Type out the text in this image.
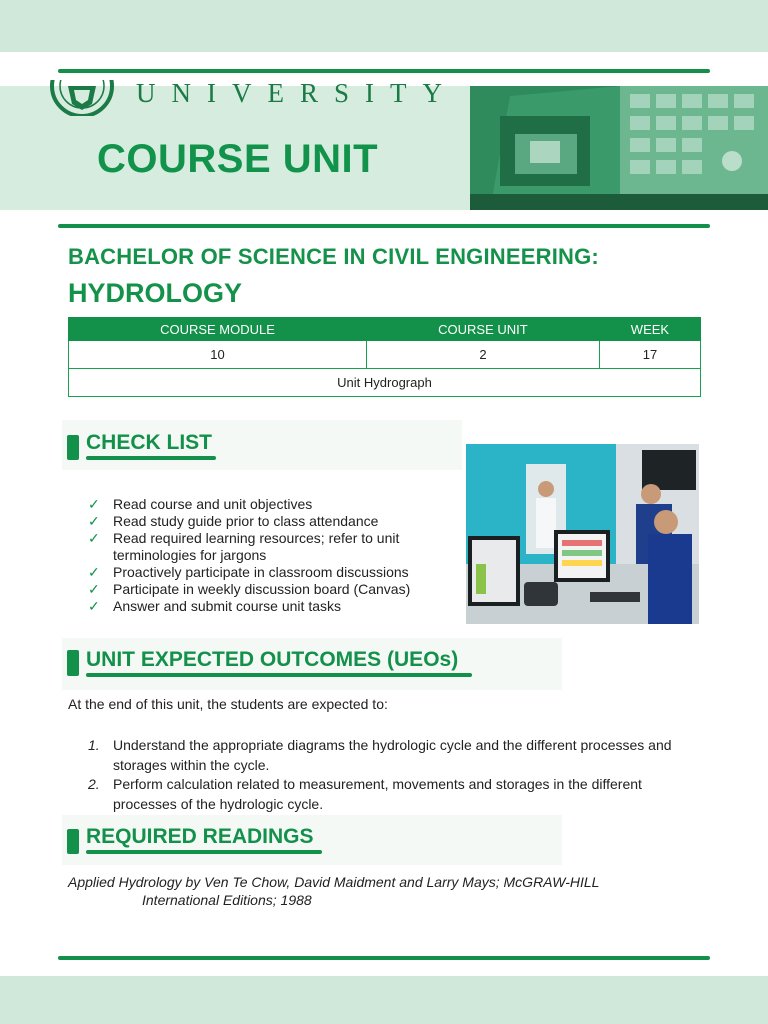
UNIVERSITY
COURSE UNIT
BACHELOR OF SCIENCE IN CIVIL ENGINEERING:
HYDROLOGY
COURSE MODULE	COURSE UNIT	WEEK
10	2	17
Unit Hydrograph		
CHECK LIST
✓ Read course and unit objectives
✓ Read study guide prior to class attendance
✓ Read required learning resources; refer to unit terminologies for jargons
✓ Proactively participate in classroom discussions
✓ Participate in weekly discussion board (Canvas)
✓ Answer and submit course unit tasks
UNIT EXPECTED OUTCOMES (UEOs)
At the end of this unit, the students are expected to:
1. Understand the appropriate diagrams the hydrologic cycle and the different processes and storages within the cycle.
2. Perform calculation related to measurement, movements and storages in the different processes of the hydrologic cycle.
REQUIRED READINGS
Applied Hydrology by Ven Te Chow, David Maidment and Larry Mays; McGRAW-HILL
International Editions; 1988
